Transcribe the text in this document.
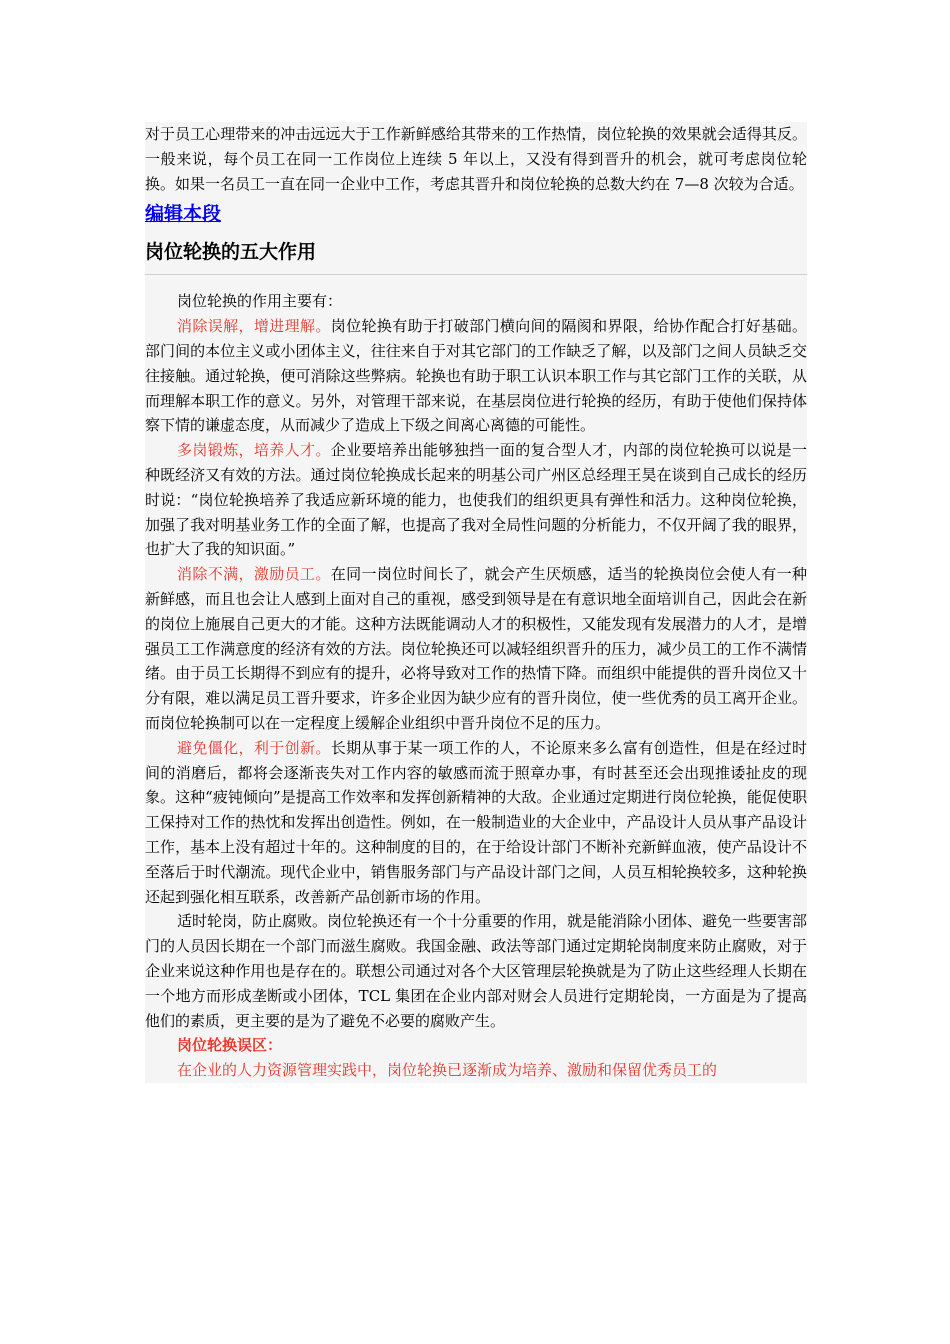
对于员工心理带来的冲击远远大于工作新鲜感给其带来的工作热情，岗位轮换的效果就会适得其反。一般来说，每个员工在同一工作岗位上连续 5 年以上，又没有得到晋升的机会，就可考虑岗位轮换。如果一名员工一直在同一企业中工作，考虑其晋升和岗位轮换的总数大约在 7—8 次较为合适。

编辑本段
岗位轮换的五大作用

岗位轮换的作用主要有：

消除误解，增进理解。岗位轮换有助于打破部门横向间的隔阂和界限，给协作配合打好基础。部门间的本位主义或小团体主义，往往来自于对其它部门的工作缺乏了解，以及部门之间人员缺乏交往接触。通过轮换，便可消除这些弊病。轮换也有助于职工认识本职工作与其它部门工作的关联，从而理解本职工作的意义。另外，对管理干部来说，在基层岗位进行轮换的经历，有助于使他们保持体察下情的谦虚态度，从而减少了造成上下级之间离心离德的可能性。

多岗锻炼，培养人才。企业要培养出能够独挡一面的复合型人才，内部的岗位轮换可以说是一种既经济又有效的方法。通过岗位轮换成长起来的明基公司广州区总经理王昊在谈到自己成长的经历时说：“岗位轮换培养了我适应新环境的能力，也使我们的组织更具有弹性和活力。这种岗位轮换，加强了我对明基业务工作的全面了解，也提高了我对全局性问题的分析能力，不仅开阔了我的眼界，也扩大了我的知识面。”

消除不满，激励员工。在同一岗位时间长了，就会产生厌烦感，适当的轮换岗位会使人有一种新鲜感，而且也会让人感到上面对自己的重视，感受到领导是在有意识地全面培训自己，因此会在新的岗位上施展自己更大的才能。这种方法既能调动人才的积极性，又能发现有发展潜力的人才，是增强员工工作满意度的经济有效的方法。岗位轮换还可以减轻组织晋升的压力，减少员工的工作不满情绪。由于员工长期得不到应有的提升，必将导致对工作的热情下降。而组织中能提供的晋升岗位又十分有限，难以满足员工晋升要求，许多企业因为缺少应有的晋升岗位，使一些优秀的员工离开企业。而岗位轮换制可以在一定程度上缓解企业组织中晋升岗位不足的压力。

避免僵化，利于创新。长期从事于某一项工作的人，不论原来多么富有创造性，但是在经过时间的消磨后，都将会逐渐丧失对工作内容的敏感而流于照章办事，有时甚至还会出现推诿扯皮的现象。这种“疲钝倾向”是提高工作效率和发挥创新精神的大敌。企业通过定期进行岗位轮换，能促使职工保持对工作的热忱和发挥出创造性。例如，在一般制造业的大企业中，产品设计人员从事产品设计工作，基本上没有超过十年的。这种制度的目的，在于给设计部门不断补充新鲜血液，使产品设计不至落后于时代潮流。现代企业中，销售服务部门与产品设计部门之间，人员互相轮换较多，这种轮换还起到强化相互联系，改善新产品创新市场的作用。

适时轮岗，防止腐败。岗位轮换还有一个十分重要的作用，就是能消除小团体、避免一些要害部门的人员因长期在一个部门而滋生腐败。我国金融、政法等部门通过定期轮岗制度来防止腐败，对于企业来说这种作用也是存在的。联想公司通过对各个大区管理层轮换就是为了防止这些经理人长期在一个地方而形成垄断或小团体，TCL 集团在企业内部对财会人员进行定期轮岗，一方面是为了提高他们的素质，更主要的是为了避免不必要的腐败产生。

岗位轮换误区：

在企业的人力资源管理实践中，岗位轮换已逐渐成为培养、激励和保留优秀员工的
